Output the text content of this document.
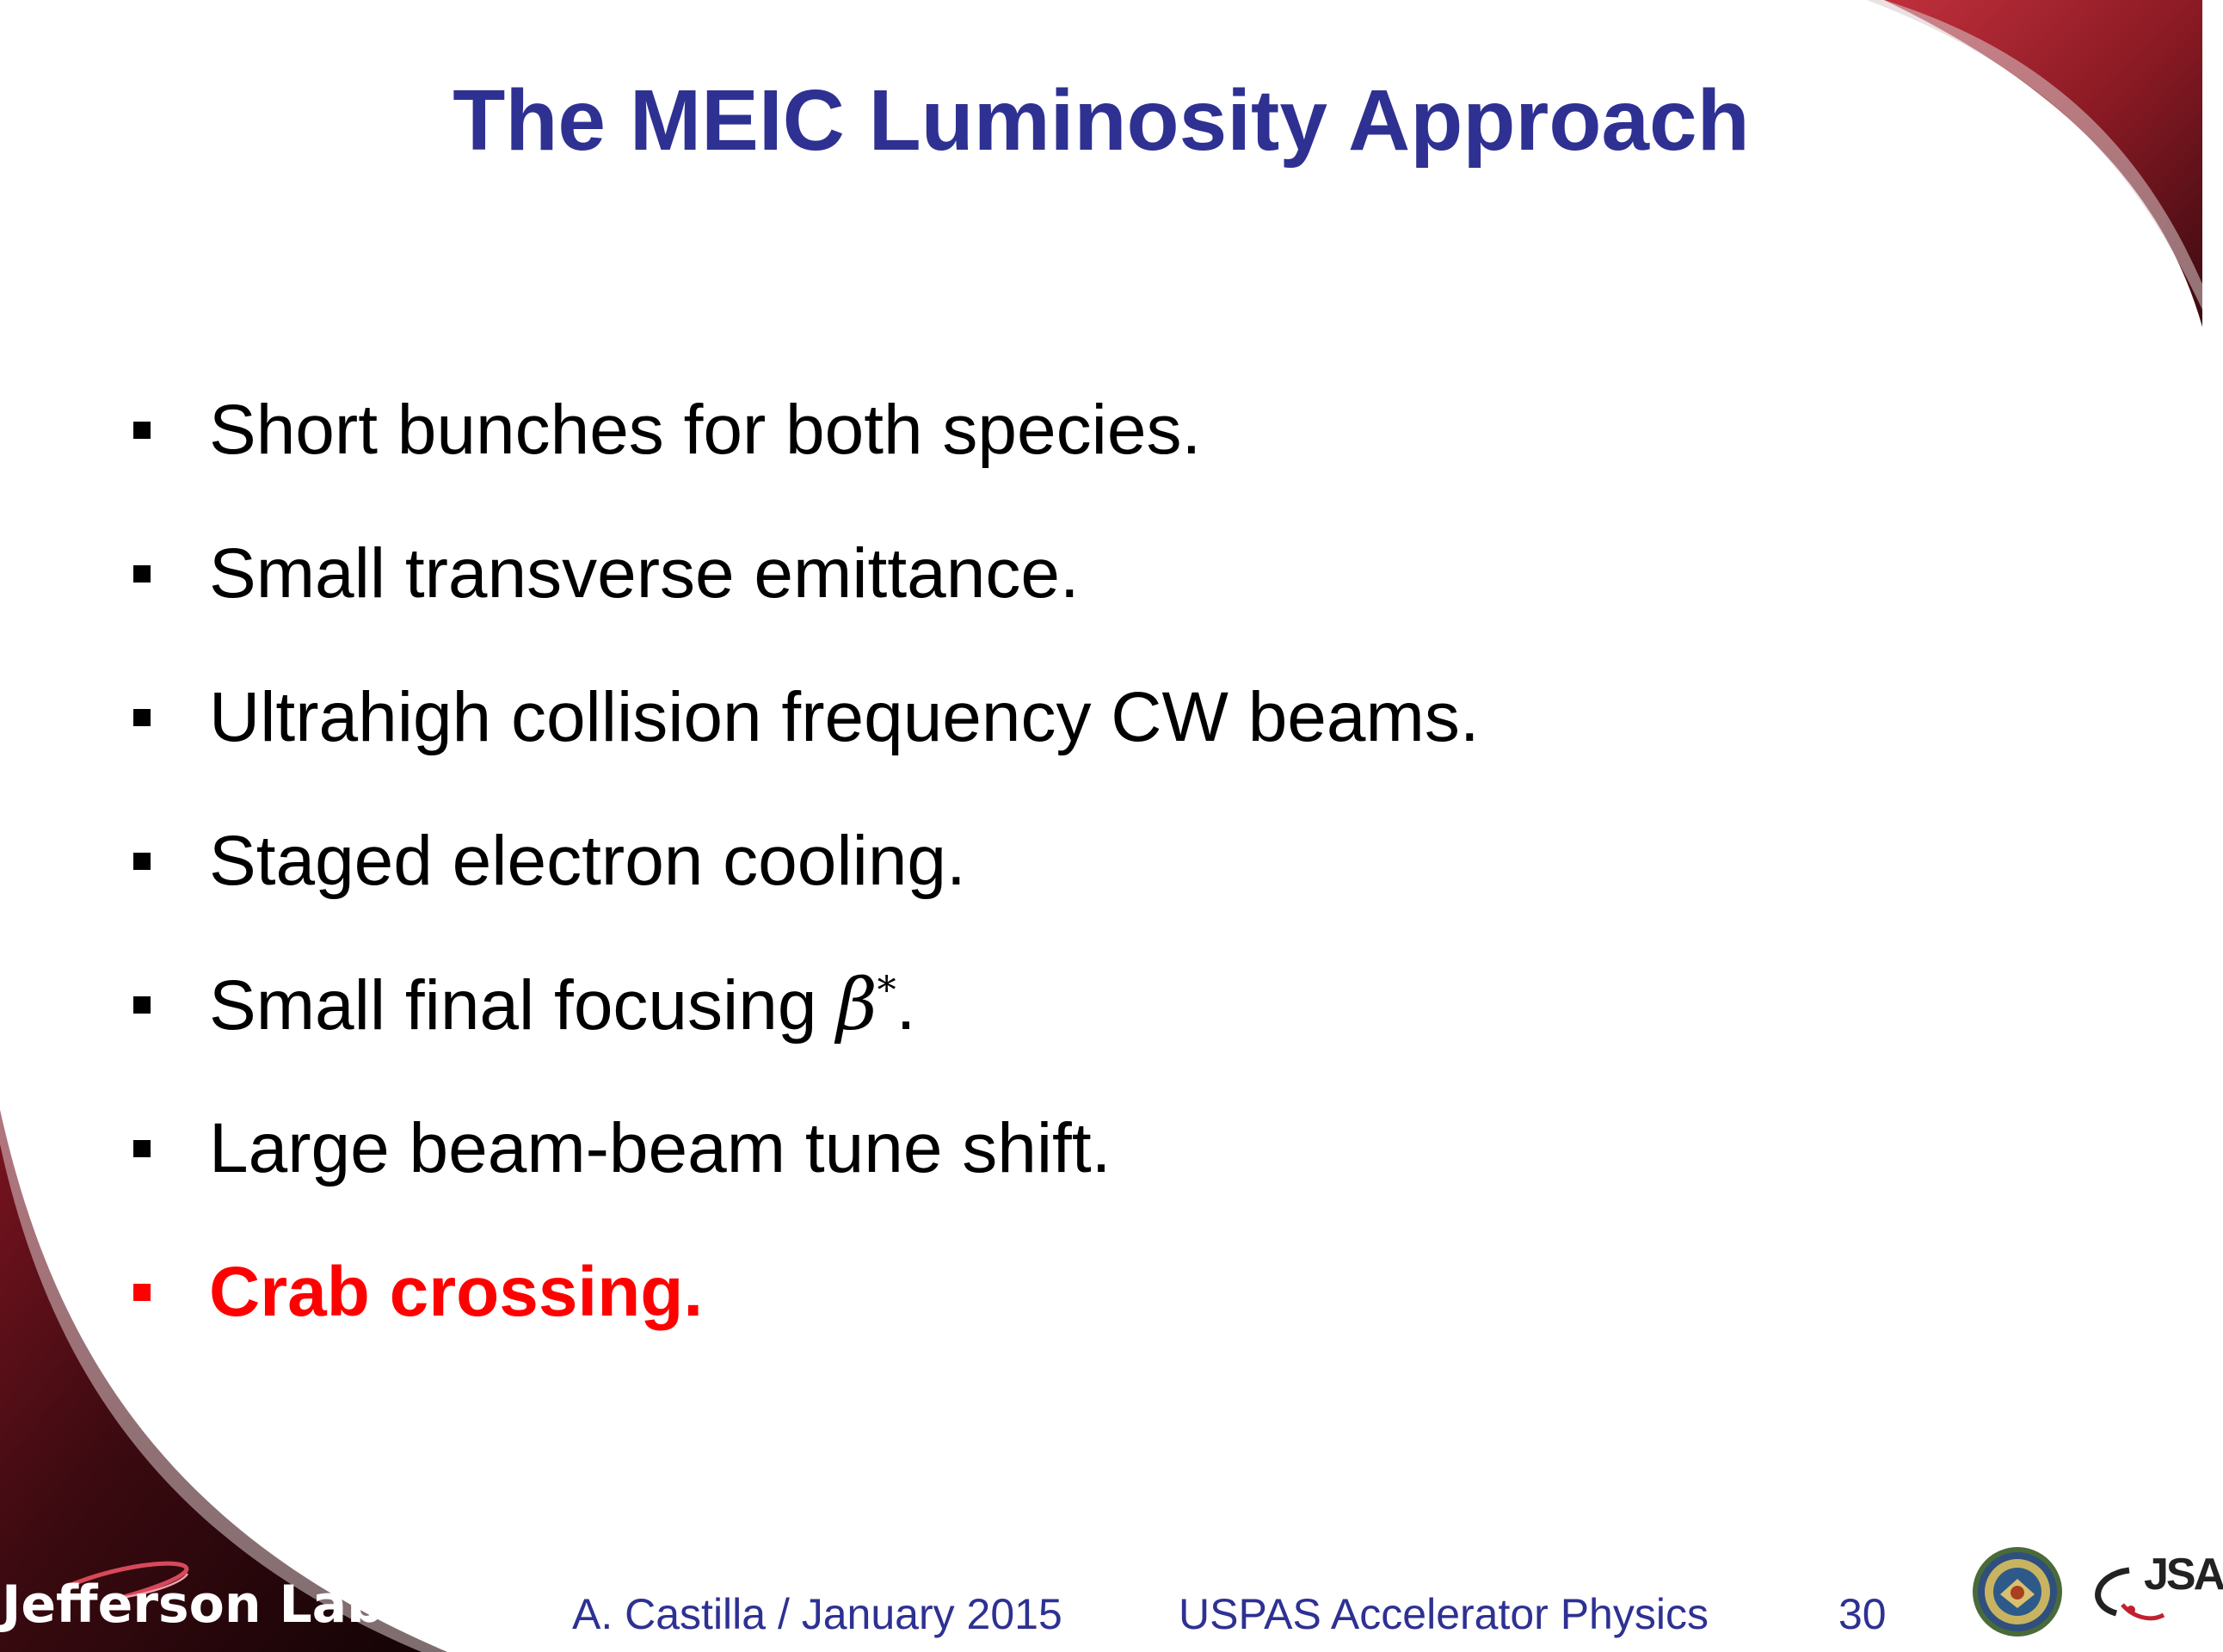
The MEIC Luminosity Approach
Short bunches for both species.
Small transverse emittance.
Ultrahigh collision frequency CW beams.
Staged electron cooling.
Small final focusing β*.
Large beam-beam tune shift.
Crab crossing.
Jefferson Lab	A. Castilla / January 2015	USPAS Accelerator Physics	30
JSA
